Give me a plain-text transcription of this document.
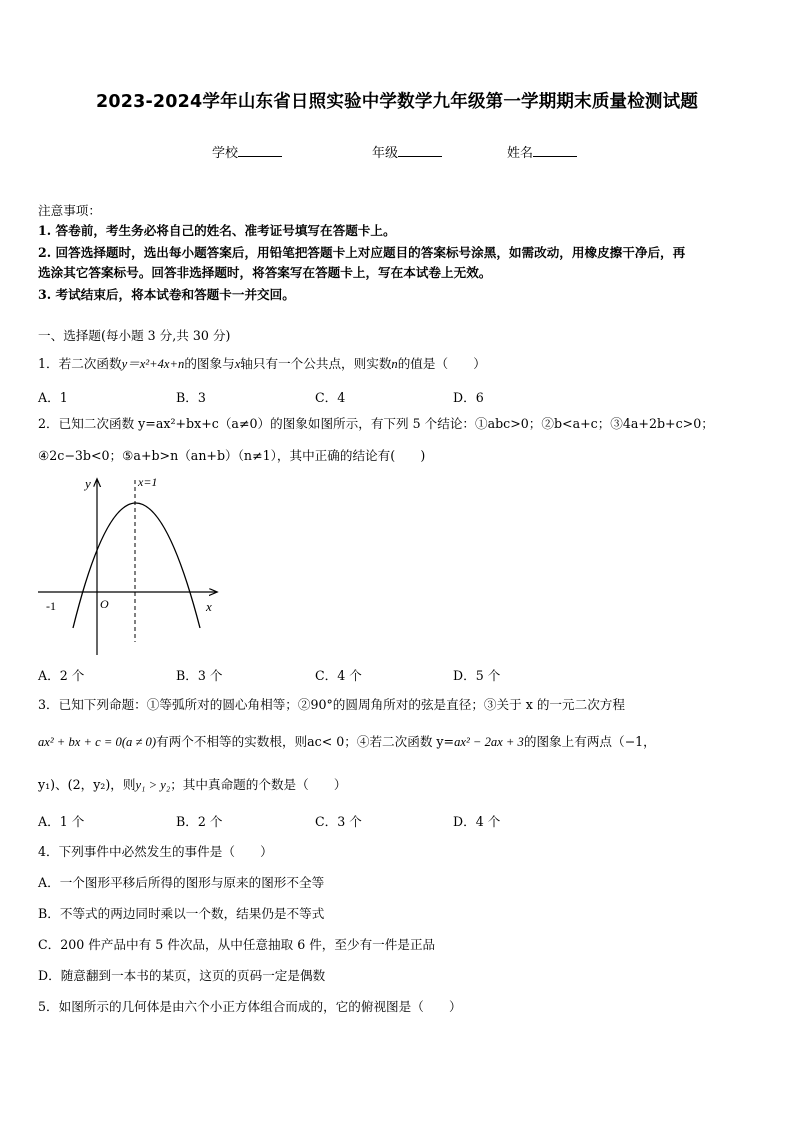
2023-2024学年山东省日照实验中学数学九年级第一学期期末质量检测试题
学校	年级	姓名
注意事项：
1. 答卷前，考生务必将自己的姓名、准考证号填写在答题卡上。
2. 回答选择题时，选出每小题答案后，用铅笔把答题卡上对应题目的答案标号涂黑，如需改动，用橡皮擦干净后，再
选涂其它答案标号。回答非选择题时，将答案写在答题卡上，写在本试卷上无效。
3. 考试结束后，将本试卷和答题卡一并交回。
一、选择题(每小题 3 分,共 30 分)
1．若二次函数y＝x²+4x+n的图象与x轴只有一个公共点，则实数n的值是（　　）
A．1	B．3	C．4	D．6
2．已知二次函数 y=ax²+bx+c（a≠0）的图象如图所示，有下列 5 个结论：①abc>0；②b<a+c；③4a+2b+c>0；
④2c−3b<0；⑤a+b>n（an+b）（n≠1），其中正确的结论有(　　)
y
x
x=1
O
-1
A．2 个	B．3 个	C．4 个	D．5 个
3．已知下列命题：①等弧所对的圆心角相等；②90°的圆周角所对的弦是直径；③关于 x 的一元二次方程
ax² + bx + c = 0(a ≠ 0)有两个不相等的实数根，则ac< 0；④若二次函数 y=ax² − 2ax + 3的图象上有两点（−1，
y₁)、(2，y₂)，则y₁ > y₂；其中真命题的个数是（　　）
A．1 个	B．2 个	C．3 个	D．4 个
4．下列事件中必然发生的事件是（　　）
A．一个图形平移后所得的图形与原来的图形不全等
B．不等式的两边同时乘以一个数，结果仍是不等式
C．200 件产品中有 5 件次品，从中任意抽取 6 件，至少有一件是正品
D．随意翻到一本书的某页，这页的页码一定是偶数
5．如图所示的几何体是由六个小正方体组合而成的，它的俯视图是（　　）
